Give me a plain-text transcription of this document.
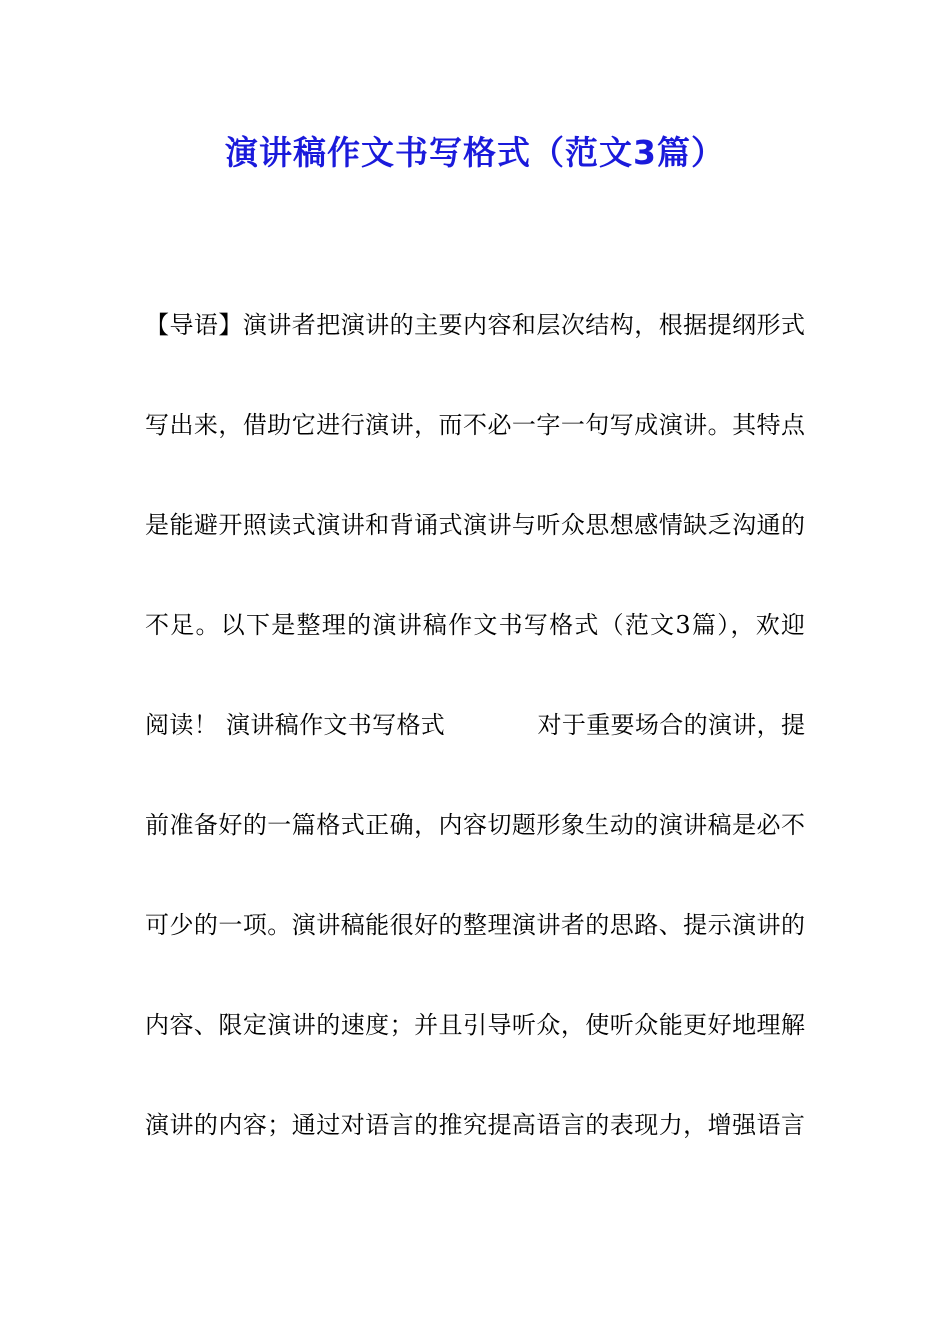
演讲稿作文书写格式（范文3篇）
【导语】演讲者把演讲的主要内容和层次结构，根据提纲形式
写出来，借助它进行演讲，而不必一字一句写成演讲。其特点
是能避开照读式演讲和背诵式演讲与听众思想感情缺乏沟通的
不足。以下是整理的演讲稿作文书写格式（范文3篇），欢迎
阅读！ 演讲稿作文书写格式	对于重要场合的演讲，提
前准备好的一篇格式正确，内容切题形象生动的演讲稿是必不
可少的一项。演讲稿能很好的整理演讲者的思路、提示演讲的
内容、限定演讲的速度；并且引导听众，使听众能更好地理解
演讲的内容；通过对语言的推究提高语言的表现力，增强语言
